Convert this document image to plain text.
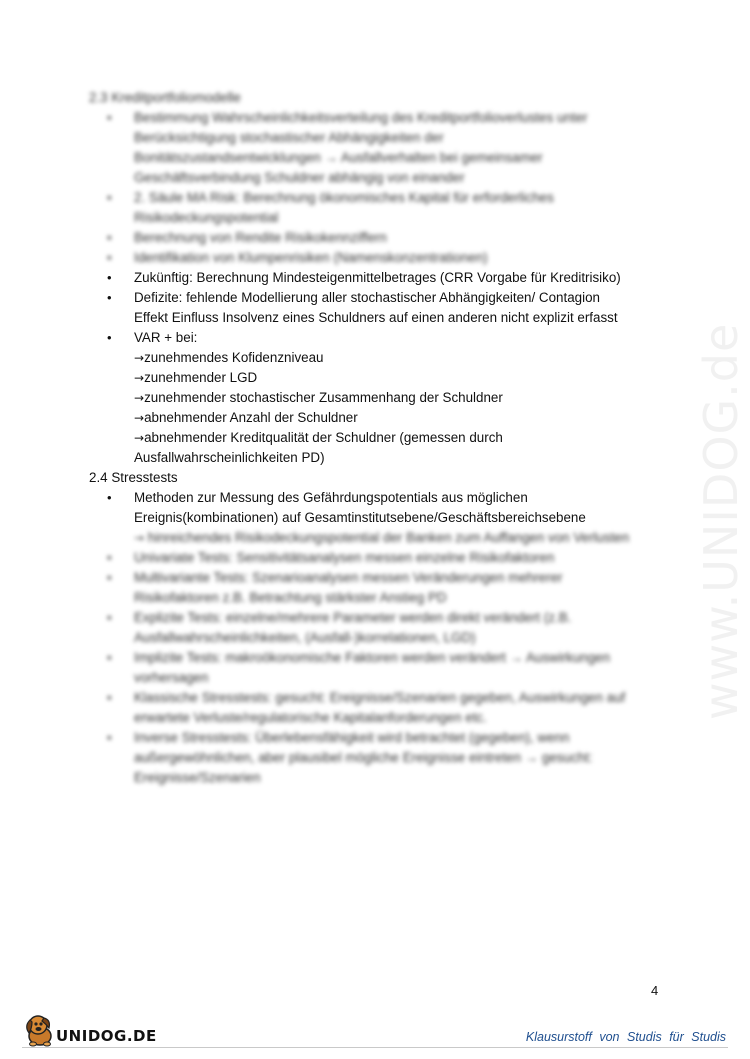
www.UNIDOG.de

2.3 Kreditportfoliomodelle

• Bestimmung Wahrscheinlichkeitsverteilung des Kreditportfolioverlustes unter
Berücksichtigung stochastischer Abhängigkeiten der
Bonitätszustandsentwicklungen → Ausfallverhalten bei gemeinsamer
Geschäftsverbindung Schuldner abhängig von einander
• 2. Säule MA Risk: Berechnung ökonomisches Kapital für erforderliches
Risikodeckungspotential
• Berechnung von Rendite Risikokennziffern
• Identifikation von Klumpenrisiken (Namenskonzentrationen)
• Zukünftig: Berechnung Mindesteigenmittelbetrages (CRR Vorgabe für Kreditrisiko)
• Defizite: fehlende Modellierung aller stochastischer Abhängigkeiten/ Contagion
Effekt Einfluss Insolvenz eines Schuldners auf einen anderen nicht explizit erfasst
• VAR + bei:
→zunehmendes Kofidenzniveau
→zunehmender LGD
→zunehmender stochastischer Zusammenhang der Schuldner
→abnehmender Anzahl der Schuldner
→abnehmender Kreditqualität der Schuldner (gemessen durch

Ausfallwahrscheinlichkeiten PD)

2.4 Stresstests

• Methoden zur Messung des Gefährdungspotentials aus möglichen
Ereignis(kombinationen) auf Gesamtinstitutsebene/Geschäftsbereichsebene
→ hinreichendes Risikodeckungspotential der Banken zum Auffangen von Verlusten
• Univariate Tests: Sensitivitätsanalysen messen einzelne Risikofaktoren
• Multivariante Tests: Szenarioanalysen messen Veränderungen mehrerer
Risikofaktoren z.B. Betrachtung stärkster Anstieg PD
• Explizite Tests: einzelne/mehrere Parameter werden direkt verändert (z.B.
Ausfallwahrscheinlichkeiten, (Ausfall-)korrelationen, LGD)
• Implizite Tests: makroökonomische Faktoren werden verändert → Auswirkungen
vorhersagen
• Klassische Stresstests: gesucht: Ereignisse/Szenarien gegeben, Auswirkungen auf
erwartete Verluste/regulatorische Kapitalanforderungen etc.
• Inverse Stresstests: Überlebensfähigkeit wird betrachtet (gegeben), wenn
außergewöhnlichen, aber plausibel mögliche Ereignisse eintreten → gesucht:
Ereignisse/Szenarien
4
UNIDOG.DE	Klausurstoff von Studis für Studis
